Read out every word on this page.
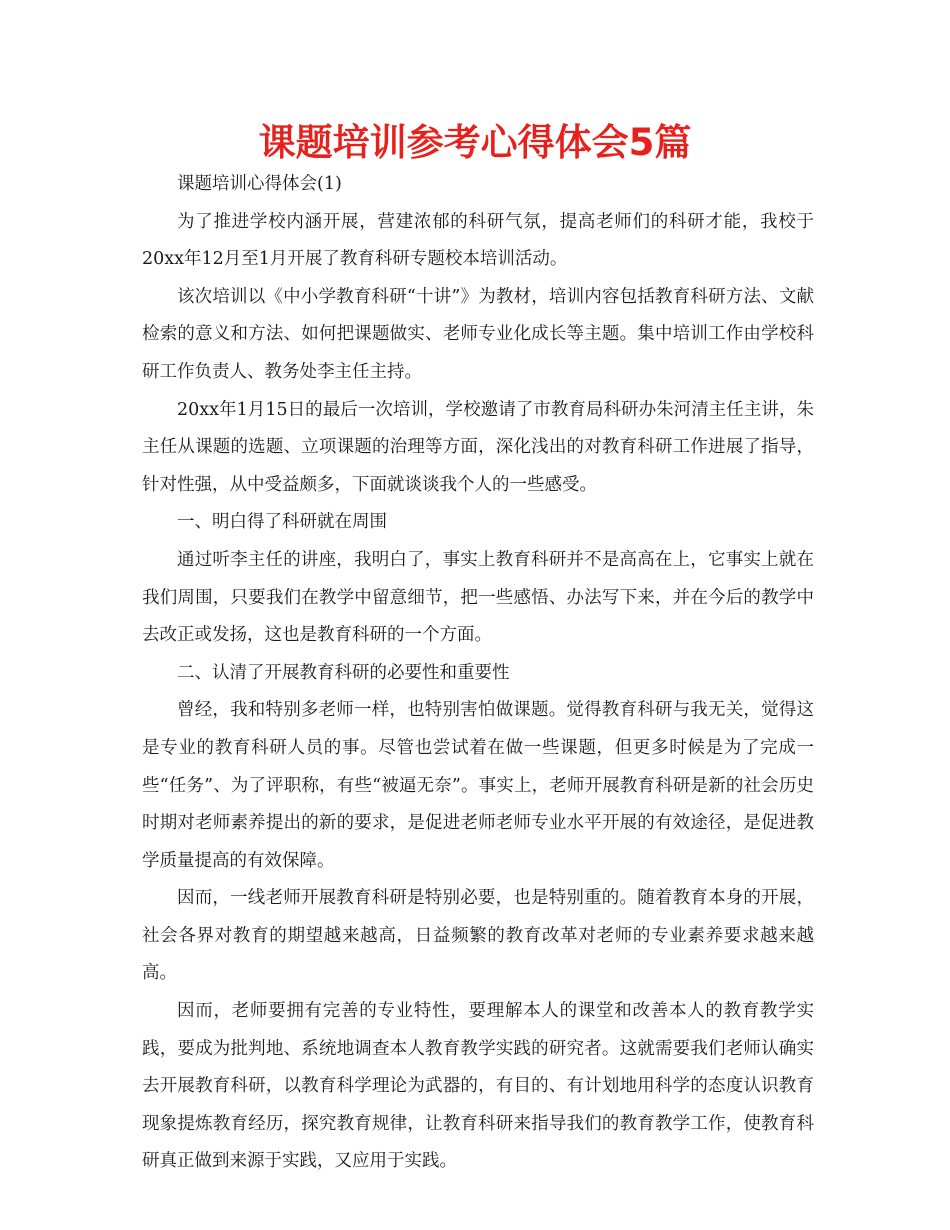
课题培训参考心得体会5篇

课题培训心得体会(1)

为了推进学校内涵开展，营建浓郁的科研气氛，提高老师们的科研才能，我校于20xx年12月至1月开展了教育科研专题校本培训活动。

该次培训以《中小学教育科研“十讲”》为教材，培训内容包括教育科研方法、文献检索的意义和方法、如何把课题做实、老师专业化成长等主题。集中培训工作由学校科研工作负责人、教务处李主任主持。

20xx年1月15日的最后一次培训，学校邀请了市教育局科研办朱河清主任主讲，朱主任从课题的选题、立项课题的治理等方面，深化浅出的对教育科研工作进展了指导，针对性强，从中受益颇多，下面就谈谈我个人的一些感受。

一、明白得了科研就在周围

通过听李主任的讲座，我明白了，事实上教育科研并不是高高在上，它事实上就在我们周围，只要我们在教学中留意细节，把一些感悟、办法写下来，并在今后的教学中去改正或发扬，这也是教育科研的一个方面。

二、认清了开展教育科研的必要性和重要性

曾经，我和特别多老师一样，也特别害怕做课题。觉得教育科研与我无关，觉得这是专业的教育科研人员的事。尽管也尝试着在做一些课题，但更多时候是为了完成一些“任务”、为了评职称，有些“被逼无奈”。事实上，老师开展教育科研是新的社会历史时期对老师素养提出的新的要求，是促进老师老师专业水平开展的有效途径，是促进教学质量提高的有效保障。

因而，一线老师开展教育科研是特别必要，也是特别重的。随着教育本身的开展，社会各界对教育的期望越来越高，日益频繁的教育改革对老师的专业素养要求越来越高。

因而，老师要拥有完善的专业特性，要理解本人的课堂和改善本人的教育教学实践，要成为批判地、系统地调查本人教育教学实践的研究者。这就需要我们老师认确实去开展教育科研，以教育科学理论为武器的，有目的、有计划地用科学的态度认识教育现象提炼教育经历，探究教育规律，让教育科研来指导我们的教育教学工作，使教育科研真正做到来源于实践，又应用于实践。
